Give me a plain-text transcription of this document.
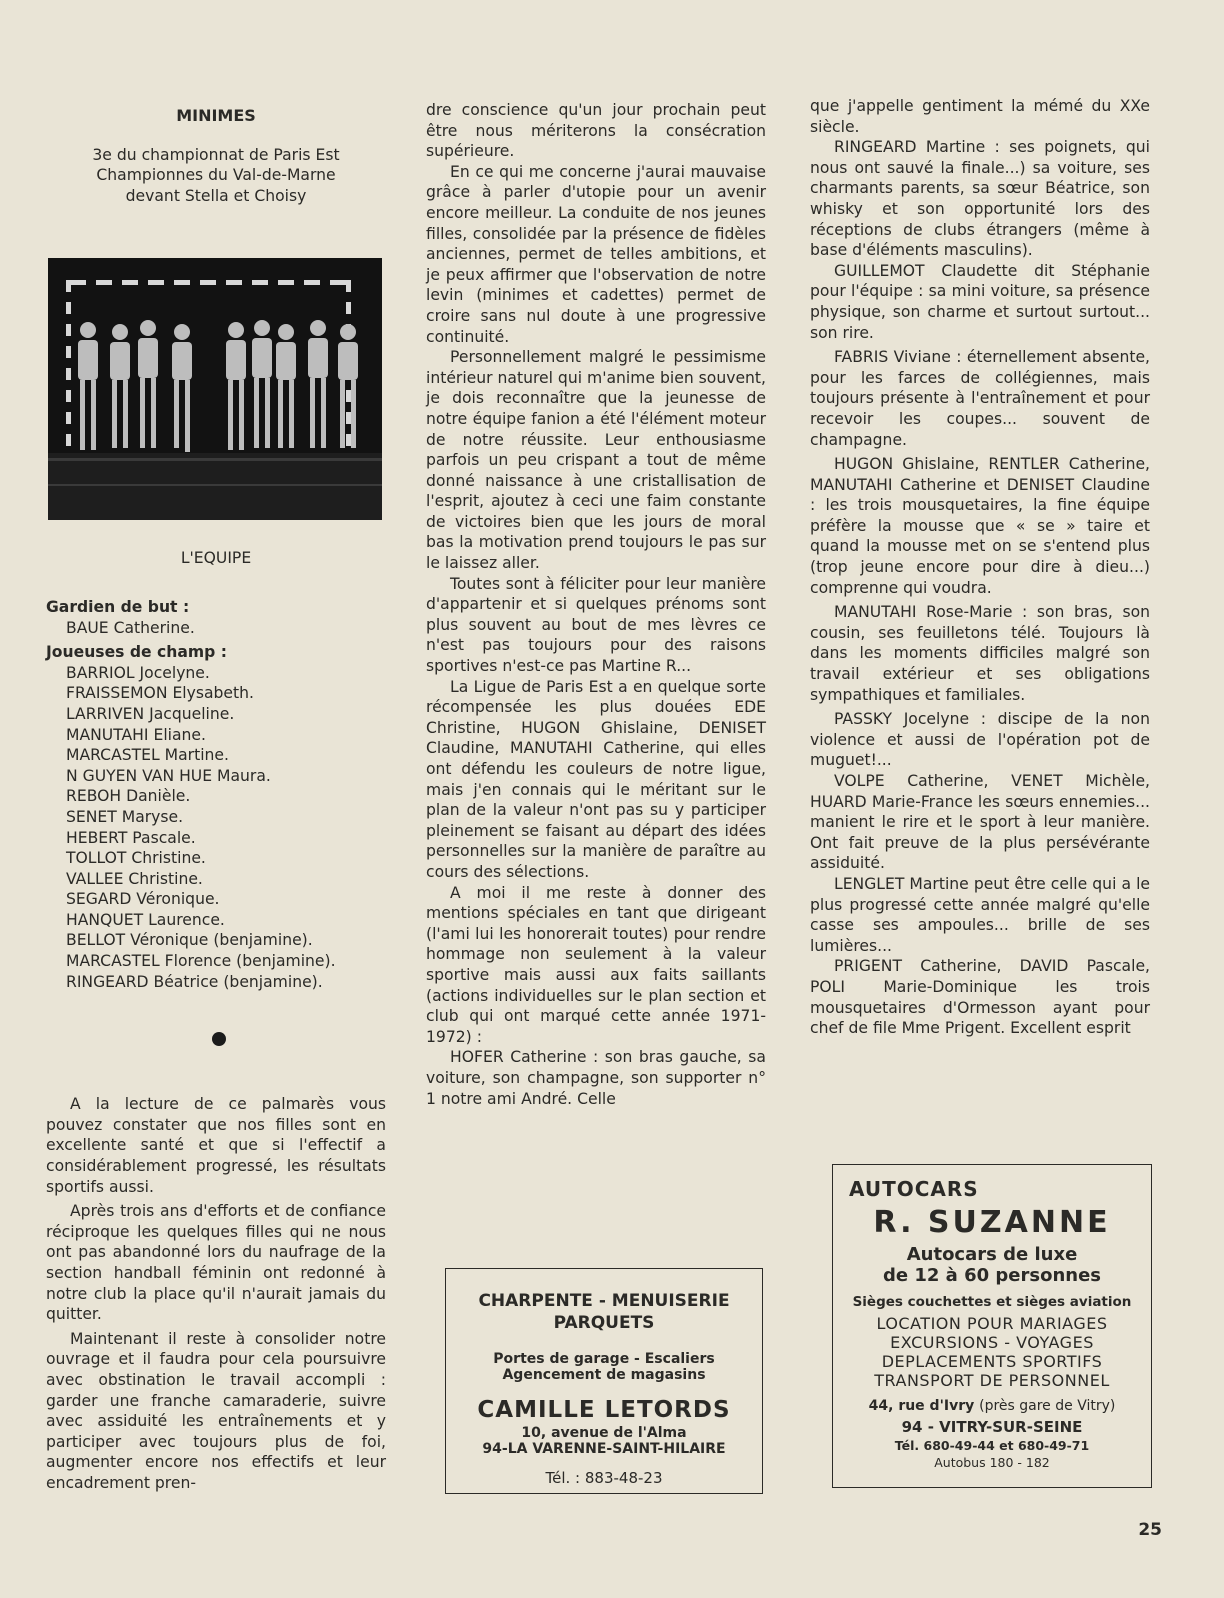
MINIMES
3e du championnat de Paris Est
Championnes du Val-de-Marne
devant Stella et Choisy
L'EQUIPE
Gardien de but :
BAUE Catherine.
Joueuses de champ :
BARRIOL Jocelyne.
FRAISSEMON Elysabeth.
LARRIVEN Jacqueline.
MANUTAHI Eliane.
MARCASTEL Martine.
N GUYEN VAN HUE Maura.
REBOH Danièle.
SENET Maryse.
HEBERT Pascale.
TOLLOT Christine.
VALLEE Christine.
SEGARD Véronique.
HANQUET Laurence.
BELLOT Véronique (benjamine).
MARCASTEL Florence (benjamine).
RINGEARD Béatrice (benjamine).

A la lecture de ce palmarès vous pouvez constater que nos filles sont en excellente santé et que si l'effectif a considérablement progressé, les résultats sportifs aussi.

Après trois ans d'efforts et de confiance réciproque les quelques filles qui ne nous ont pas abandonné lors du naufrage de la section handball féminin ont redonné à notre club la place qu'il n'aurait jamais du quitter.

Maintenant il reste à consolider notre ouvrage et il faudra pour cela poursuivre avec obstination le travail accompli : garder une franche camaraderie, suivre avec assiduité les entraînements et y participer avec toujours plus de foi, augmenter encore nos effectifs et leur encadrement pren-

dre conscience qu'un jour prochain peut être nous mériterons la consécration supérieure.

En ce qui me concerne j'aurai mauvaise grâce à parler d'utopie pour un avenir encore meilleur. La conduite de nos jeunes filles, consolidée par la présence de fidèles anciennes, permet de telles ambitions, et je peux affirmer que l'observation de notre levin (minimes et cadettes) permet de croire sans nul doute à une progressive continuité.

Personnellement malgré le pessimisme intérieur naturel qui m'anime bien souvent, je dois reconnaître que la jeunesse de notre équipe fanion a été l'élément moteur de notre réussite. Leur enthousiasme parfois un peu crispant a tout de même donné naissance à une cristallisation de l'esprit, ajoutez à ceci une faim constante de victoires bien que les jours de moral bas la motivation prend toujours le pas sur le laissez aller.

Toutes sont à féliciter pour leur manière d'appartenir et si quelques prénoms sont plus souvent au bout de mes lèvres ce n'est pas toujours pour des raisons sportives n'est-ce pas Martine R...

La Ligue de Paris Est a en quelque sorte récompensée les plus douées EDE Christine, HUGON Ghislaine, DENISET Claudine, MANUTAHI Catherine, qui elles ont défendu les couleurs de notre ligue, mais j'en connais qui le méritant sur le plan de la valeur n'ont pas su y participer pleinement se faisant au départ des idées personnelles sur la manière de paraître au cours des sélections.

A moi il me reste à donner des mentions spéciales en tant que dirigeant (l'ami lui les honorerait toutes) pour rendre hommage non seulement à la valeur sportive mais aussi aux faits saillants (actions individuelles sur le plan section et club qui ont marqué cette année 1971-1972) :

HOFER Catherine : son bras gauche, sa voiture, son champagne, son supporter n° 1 notre ami André. Celle

que j'appelle gentiment la mémé du XXe siècle.

RINGEARD Martine : ses poignets, qui nous ont sauvé la finale...) sa voiture, ses charmants parents, sa sœur Béatrice, son whisky et son opportunité lors des réceptions de clubs étrangers (même à base d'éléments masculins).

GUILLEMOT Claudette dit Stéphanie pour l'équipe : sa mini voiture, sa présence physique, son charme et surtout surtout... son rire.

FABRIS Viviane : éternellement absente, pour les farces de collégiennes, mais toujours présente à l'entraînement et pour recevoir les coupes... souvent de champagne.

HUGON Ghislaine, RENTLER Catherine, MANUTAHI Catherine et DENISET Claudine : les trois mousquetaires, la fine équipe préfère la mousse que « se » taire et quand la mousse met on se s'entend plus (trop jeune encore pour dire à dieu...) comprenne qui voudra.

MANUTAHI Rose-Marie : son bras, son cousin, ses feuilletons télé. Toujours là dans les moments difficiles malgré son travail extérieur et ses obligations sympathiques et familiales.

PASSKY Jocelyne : discipe de la non violence et aussi de l'opération pot de muguet!...

VOLPE Catherine, VENET Michèle, HUARD Marie-France les sœurs ennemies... manient le rire et le sport à leur manière. Ont fait preuve de la plus persévérante assiduité.

LENGLET Martine peut être celle qui a le plus progressé cette année malgré qu'elle casse ses ampoules... brille de ses lumières...

PRIGENT Catherine, DAVID Pascale, POLI Marie-Dominique les trois mousquetaires d'Ormesson ayant pour chef de file Mme Prigent. Excellent esprit

CHARPENTE - MENUISERIE
PARQUETS
Portes de garage - Escaliers
Agencement de magasins
CAMILLE LETORDS
10, avenue de l'Alma
94-LA VARENNE-SAINT-HILAIRE
Tél. : 883-48-23
AUTOCARS
R. SUZANNE
Autocars de luxe
de 12 à 60 personnes
Sièges couchettes et sièges aviation
LOCATION POUR MARIAGES
EXCURSIONS - VOYAGES
DEPLACEMENTS SPORTIFS
TRANSPORT DE PERSONNEL
44, rue d'Ivry (près gare de Vitry)
94 - VITRY-SUR-SEINE
Tél. 680-49-44 et 680-49-71
Autobus 180 - 182
25
